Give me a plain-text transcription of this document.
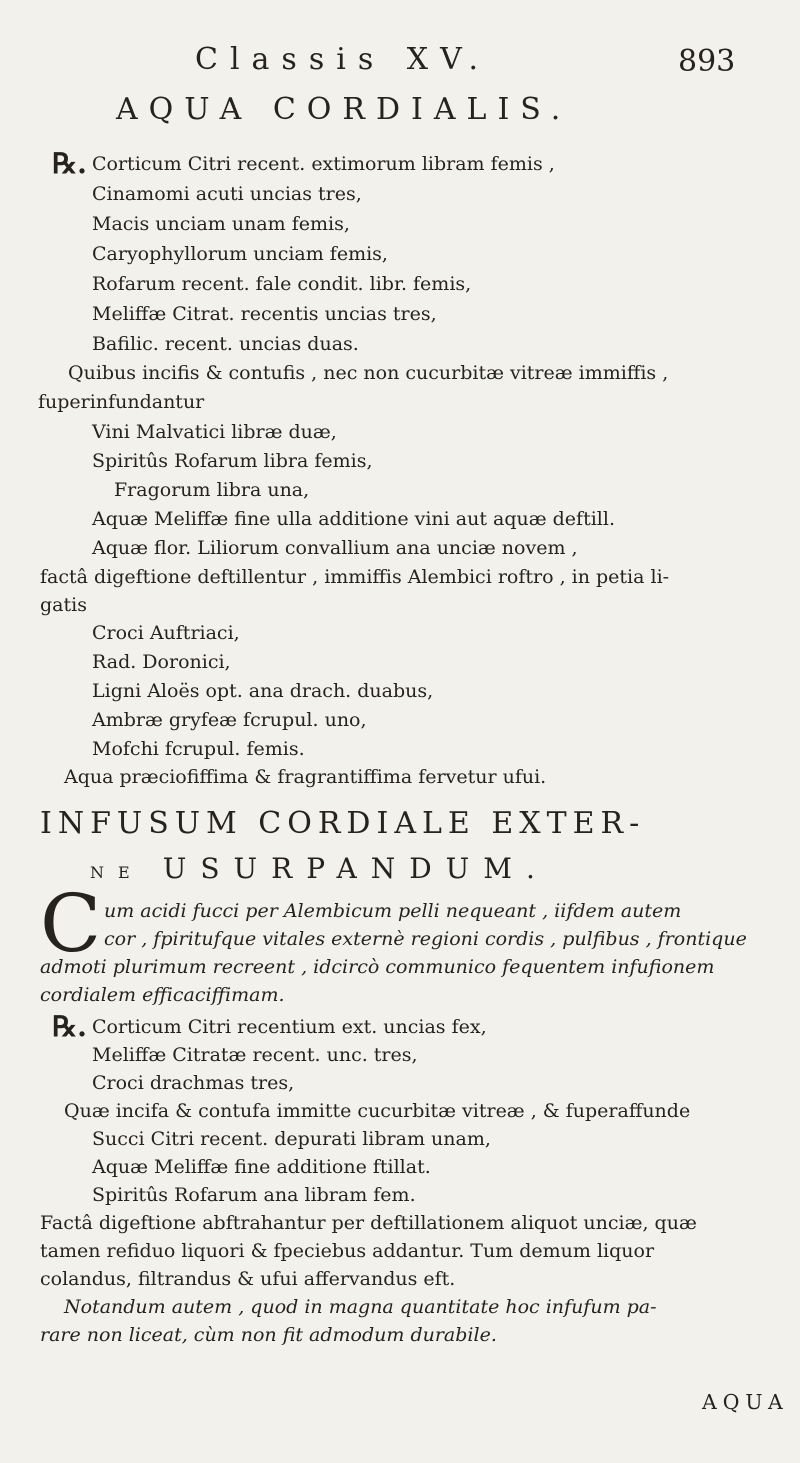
Classis XV.	893
AQUA CORDIALIS.
℞. Corticum Citri recent. extimorum libram femis ,
Cinamomi acuti uncias tres,
Macis unciam unam femis,
Caryophyllorum unciam femis,
Rofarum recent. fale condit. libr. femis,
Meliffæ Citrat. recentis uncias tres,
Bafilic. recent. uncias duas.
Quibus incifis & contufis , nec non cucurbitæ vitreæ immiffis ,
fuperinfundantur
Vini Malvatici libræ duæ,
Spiritûs Rofarum libra femis,
Fragorum libra una,
Aquæ Meliffæ fine ulla additione vini aut aquæ deftill.
Aquæ flor. Liliorum convallium ana unciæ novem ,
factâ digeftione deftillentur , immiffis Alembici roftro , in petia li-
gatis
Croci Auftriaci,
Rad. Doronici,
Ligni Aloës opt. ana drach. duabus,
Ambræ gryfeæ fcrupul. uno,
Mofchi fcrupul. femis.
Aqua præciofiffima & fragrantiffima fervetur ufui.
INFUSUM CORDIALE EXTER-
NE USURPANDUM.
C um acidi fucci per Alembicum pelli nequeant , iifdem autem
cor , fpiritufque vitales externè regioni cordis , pulfibus , frontique
admoti plurimum recreent , idcircò communico fequentem infufionem
cordialem efficaciffimam.
℞. Corticum Citri recentium ext. uncias fex,
Meliffæ Citratæ recent. unc. tres,
Croci drachmas tres,
Quæ incifa & contufa immitte cucurbitæ vitreæ , & fuperaffunde
Succi Citri recent. depurati libram unam,
Aquæ Meliffæ fine additione ftillat.
Spiritûs Rofarum ana libram fem.
Factâ digeftione abftrahantur per deftillationem aliquot unciæ, quæ
tamen refiduo liquori & fpeciebus addantur. Tum demum liquor
colandus, filtrandus & ufui affervandus eft.
Notandum autem , quod in magna quantitate hoc infufum pa-
rare non liceat, cùm non fit admodum durabile.
AQUA
